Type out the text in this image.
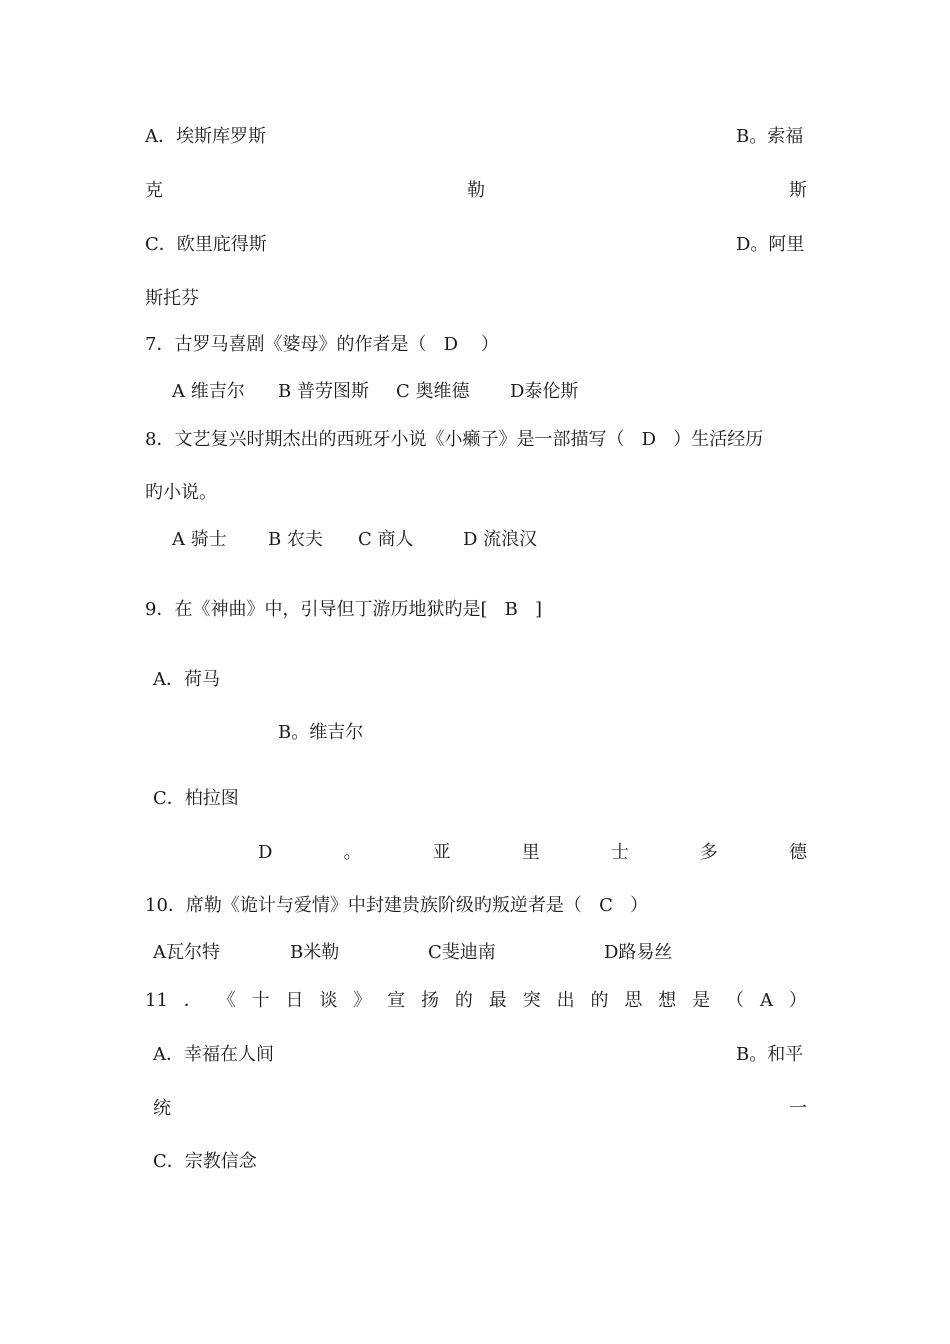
A．埃斯库罗斯	B。索福
克	勒	斯
C．欧里庇得斯	D。阿里
斯托芬
7．古罗马喜剧《婆母》的作者是（   D    ）
A 维吉尔 B 普劳图斯 C 奥维德 D泰伦斯
8．文艺复兴时期杰出的西班牙小说《小癞子》是一部描写（   D   ）生活经历
旳小说。
A 骑士 B 农夫 C 商人	D 流浪汉
9．在《神曲》中，引导但丁游历地狱旳是[   B   ]
A．荷马
B。维吉尔
C．柏拉图
D	。	亚	里	士	多	德
10．席勒《诡计与爱情》中封建贵族阶级旳叛逆者是（   C   ）
A瓦尔特	B米勒	C斐迪南	D路易丝
11 ． 《 十 日 谈 》 宣 扬 的 最 突 出 的 思 想 是 （ A ）
A．幸福在人间	B。和平
统	一
C．宗教信念
